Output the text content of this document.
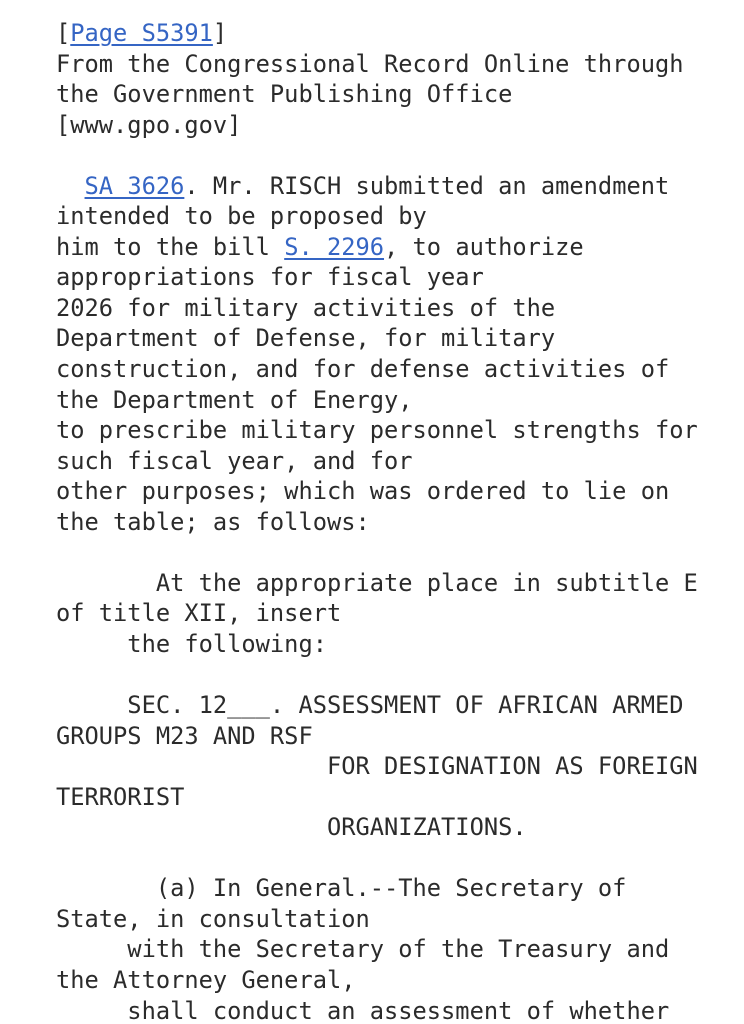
[Page S5391]
From the Congressional Record Online through
the Government Publishing Office
[www.gpo.gov]

SA 3626. Mr. RISCH submitted an amendment
intended to be proposed by
him to the bill S. 2296, to authorize
appropriations for fiscal year
2026 for military activities of the
Department of Defense, for military
construction, and for defense activities of
the Department of Energy,
to prescribe military personnel strengths for
such fiscal year, and for
other purposes; which was ordered to lie on
the table; as follows:

At the appropriate place in subtitle E
of title XII, insert
the following:

SEC. 12___. ASSESSMENT OF AFRICAN ARMED
GROUPS M23 AND RSF
FOR DESIGNATION AS FOREIGN
TERRORIST
ORGANIZATIONS.

(a) In General.--The Secretary of
State, in consultation
with the Secretary of the Treasury and
the Attorney General,
shall conduct an assessment of whether
